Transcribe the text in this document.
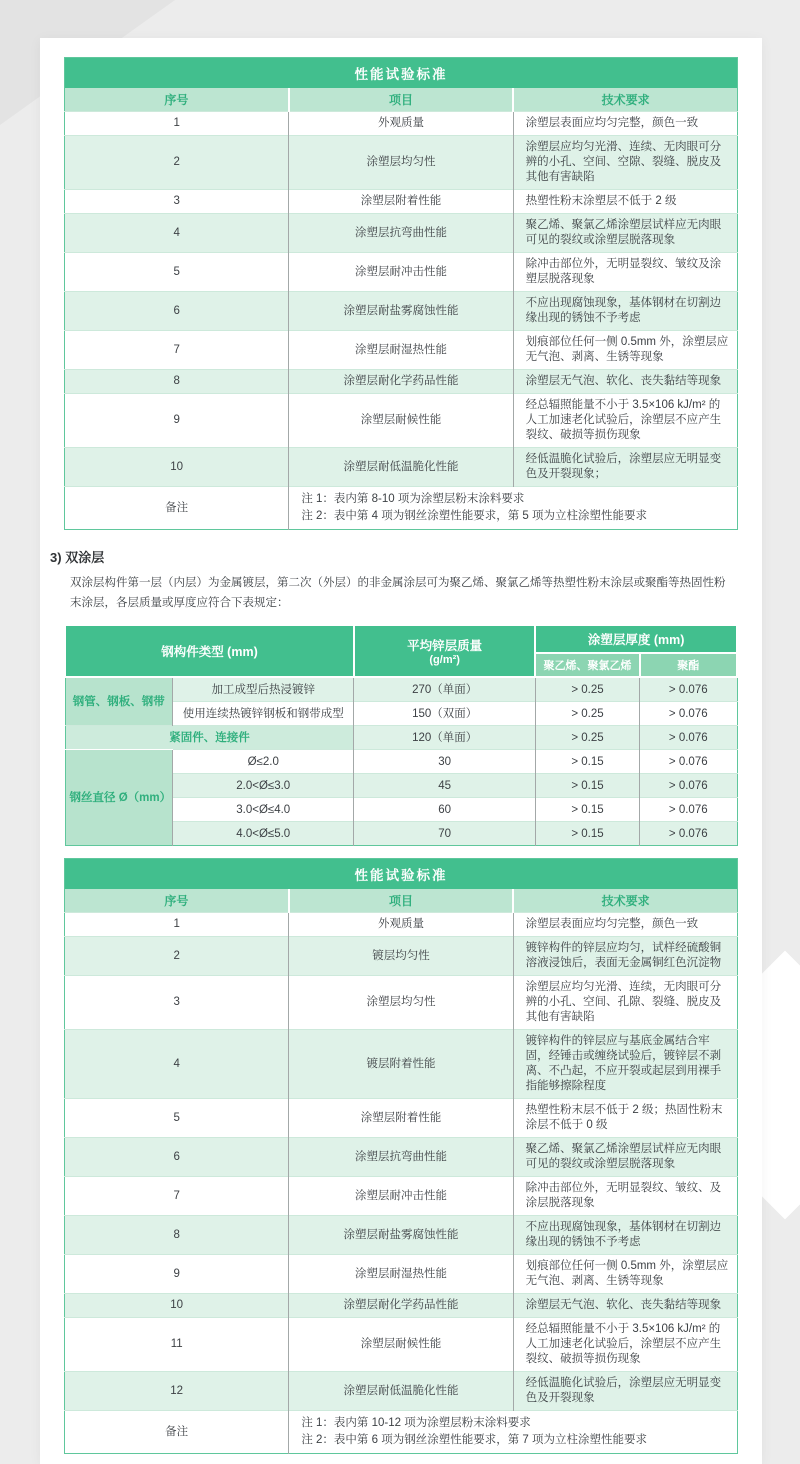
性能试验标准		
序号	项目	技术要求
1	外观质量	涂塑层表面应均匀完整，颜色一致
2	涂塑层均匀性	涂塑层应均匀光滑、连续、无肉眼可分辨的小孔、空间、空隙、裂缝、脱皮及其他有害缺陷
3	涂塑层附着性能	热塑性粉末涂塑层不低于 2 级
4	涂塑层抗弯曲性能	聚乙烯、聚氯乙烯涂塑层试样应无肉眼可见的裂纹或涂塑层脱落现象
5	涂塑层耐冲击性能	除冲击部位外，无明显裂纹、皱纹及涂塑层脱落现象
6	涂塑层耐盐雾腐蚀性能	不应出现腐蚀现象，基体钢材在切割边缘出现的锈蚀不予考虑
7	涂塑层耐湿热性能	划痕部位任何一侧 0.5mm 外，涂塑层应无气泡、剥离、生锈等现象
8	涂塑层耐化学药品性能	涂塑层无气泡、软化、丧失黏结等现象
9	涂塑层耐候性能	经总辐照能量不小于 3.5×106 kJ/m² 的人工加速老化试验后，涂塑层不应产生裂纹、破损等损伤现象
10	涂塑层耐低温脆化性能	经低温脆化试验后，涂塑层应无明显变色及开裂现象；
备注	注 1：表内第 8-10 项为涂塑层粉末涂料要求
注 2：表中第 4 项为钢丝涂塑性能要求，第 5 项为立柱涂塑性能要求	
3) 双涂层
双涂层构件第一层（内层）为金属镀层，第二次（外层）的非金属涂层可为聚乙烯、聚氯乙烯等热塑性粉末涂层或聚酯等热固性粉末涂层，各层质量或厚度应符合下表规定：
钢构件类型 (mm)		平均锌层质量
(g/m²)	涂塑层厚度 (mm)	
			聚乙烯、聚氯乙烯	聚酯
钢管、钢板、钢带	加工成型后热浸镀锌	270（单面）	> 0.25	> 0.076
	使用连续热镀锌钢板和钢带成型	150（双面）	> 0.25	> 0.076
紧固件、连接件		120（单面）	> 0.25	> 0.076
钢丝直径 Ø（mm）	Ø≤2.0	30	> 0.15	> 0.076
	2.0<Ø≤3.0	45	> 0.15	> 0.076
	3.0<Ø≤4.0	60	> 0.15	> 0.076
	4.0<Ø≤5.0	70	> 0.15	> 0.076
性能试验标准		
序号	项目	技术要求
1	外观质量	涂塑层表面应均匀完整，颜色一致
2	镀层均匀性	镀锌构件的锌层应均匀，试样经硫酸铜溶液浸蚀后，表面无金属铜红色沉淀物
3	涂塑层均匀性	涂塑层应均匀光滑、连续，无肉眼可分辨的小孔、空间、孔隙、裂缝、脱皮及其他有害缺陷
4	镀层附着性能	镀锌构件的锌层应与基底金属结合牢固，经锤击或缠绕试验后，镀锌层不剥离、不凸起，不应开裂或起层到用裸手指能够擦除程度
5	涂塑层附着性能	热塑性粉末层不低于 2 级；热固性粉末涂层不低于 0 级
6	涂塑层抗弯曲性能	聚乙烯、聚氯乙烯涂塑层试样应无肉眼可见的裂纹或涂塑层脱落现象
7	涂塑层耐冲击性能	除冲击部位外，无明显裂纹、皱纹、及涂层脱落现象
8	涂塑层耐盐雾腐蚀性能	不应出现腐蚀现象，基体钢材在切割边缘出现的锈蚀不予考虑
9	涂塑层耐湿热性能	划痕部位任何一侧 0.5mm 外，涂塑层应无气泡、剥离、生锈等现象
10	涂塑层耐化学药品性能	涂塑层无气泡、软化、丧失黏结等现象
11	涂塑层耐候性能	经总辐照能量不小于 3.5×106 kJ/m² 的人工加速老化试验后，涂塑层不应产生裂纹、破损等损伤现象
12	涂塑层耐低温脆化性能	经低温脆化试验后，涂塑层应无明显变色及开裂现象
备注	注 1：表内第 10-12 项为涂塑层粉末涂料要求
注 2：表中第 6 项为钢丝涂塑性能要求，第 7 项为立柱涂塑性能要求	
